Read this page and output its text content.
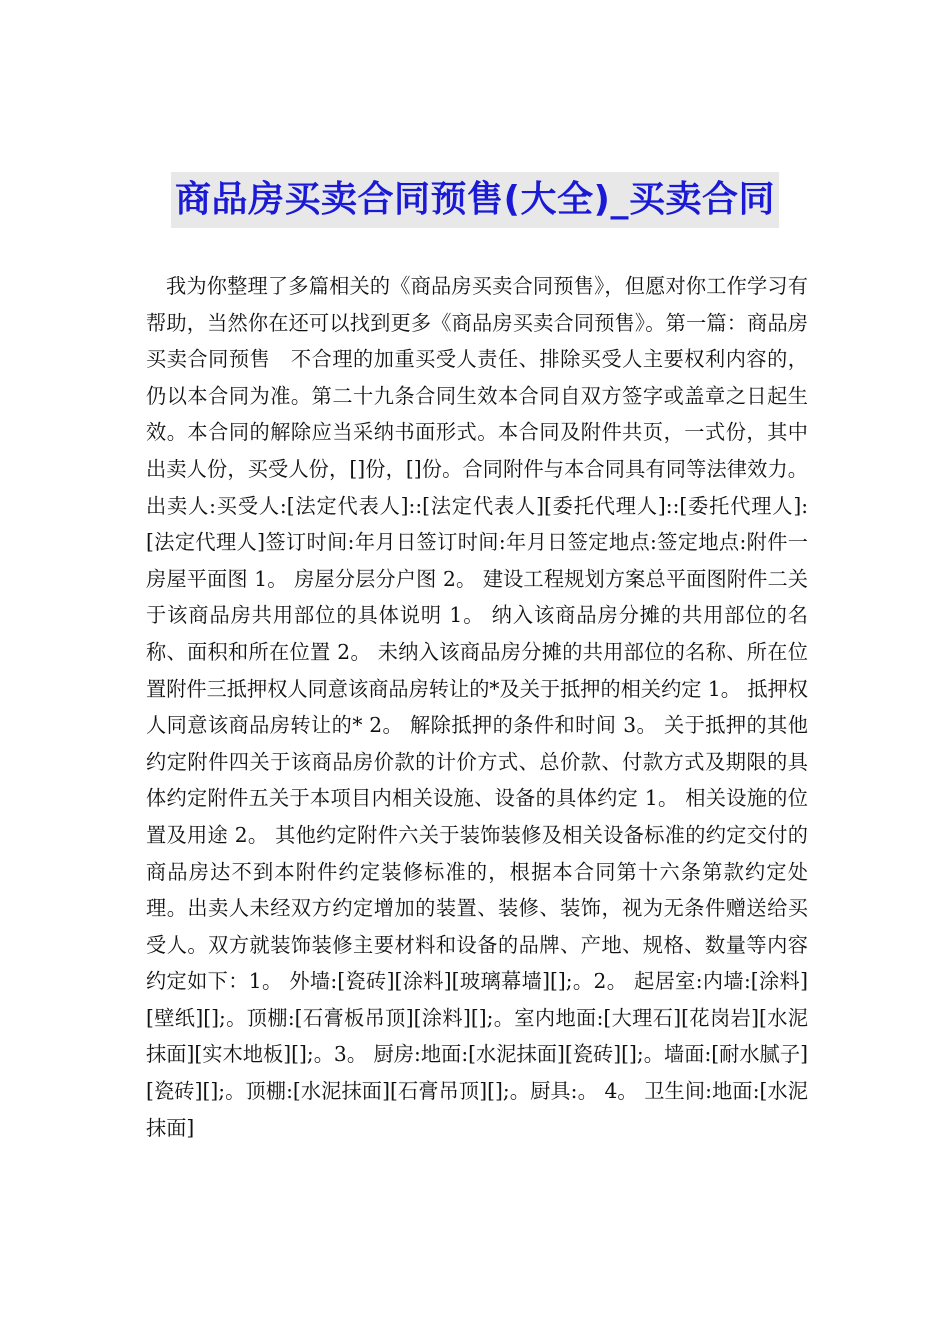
商品房买卖合同预售(大全)_买卖合同

我为你整理了多篇相关的《商品房买卖合同预售》，但愿对你工作学习有帮助，当然你在还可以找到更多《商品房买卖合同预售》。第一篇：商品房买卖合同预售　不合理的加重买受人责任、排除买受人主要权利内容的，仍以本合同为准。第二十九条合同生效本合同自双方签字或盖章之日起生效。本合同的解除应当采纳书面形式。本合同及附件共页，一式份，其中出卖人份，买受人份，[]份，[]份。合同附件与本合同具有同等法律效力。出卖人:买受人:[法定代表人]::[法定代表人][委托代理人]::[委托代理人]:[法定代理人]签订时间:年月日签订时间:年月日签定地点:签定地点:附件一房屋平面图 1。 房屋分层分户图 2。 建设工程规划方案总平面图附件二关于该商品房共用部位的具体说明 1。 纳入该商品房分摊的共用部位的名称、面积和所在位置 2。 未纳入该商品房分摊的共用部位的名称、所在位置附件三抵押权人同意该商品房转让的*及关于抵押的相关约定 1。 抵押权人同意该商品房转让的* 2。 解除抵押的条件和时间 3。 关于抵押的其他约定附件四关于该商品房价款的计价方式、总价款、付款方式及期限的具体约定附件五关于本项目内相关设施、设备的具体约定 1。 相关设施的位置及用途 2。 其他约定附件六关于装饰装修及相关设备标准的约定交付的商品房达不到本附件约定装修标准的，根据本合同第十六条第款约定处理。出卖人未经双方约定增加的装置、装修、装饰，视为无条件赠送给买受人。双方就装饰装修主要材料和设备的品牌、产地、规格、数量等内容约定如下：1。 外墙:[瓷砖][涂料][玻璃幕墙][];。2。 起居室:内墙:[涂料][壁纸][];。顶棚:[石膏板吊顶][涂料][];。室内地面:[大理石][花岗岩][水泥抹面][实木地板][];。3。 厨房:地面:[水泥抹面][瓷砖][];。墙面:[耐水腻子][瓷砖][];。顶棚:[水泥抹面][石膏吊顶][];。厨具:。 4。 卫生间:地面:[水泥抹面]
